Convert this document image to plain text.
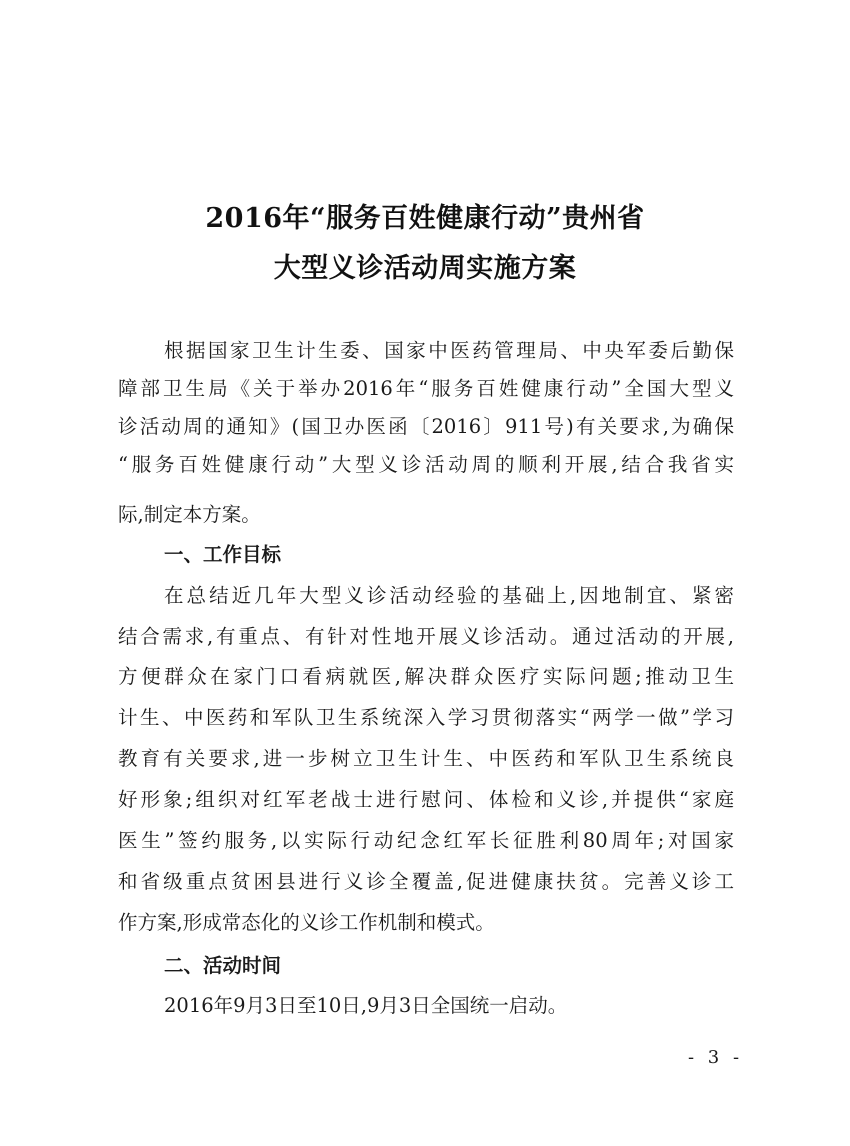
2016年“服务百姓健康行动”贵州省
大型义诊活动周实施方案
根据国家卫生计生委、国家中医药管理局、中央军委后勤保
障部卫生局《关于举办2016年“服务百姓健康行动”全国大型义
诊活动周的通知》(国卫办医函〔2016〕911号)有关要求,为确保
“服务百姓健康行动”大型义诊活动周的顺利开展,结合我省实
际,制定本方案。
一、工作目标
在总结近几年大型义诊活动经验的基础上,因地制宜、紧密
结合需求,有重点、有针对性地开展义诊活动。通过活动的开展,
方便群众在家门口看病就医,解决群众医疗实际问题;推动卫生
计生、中医药和军队卫生系统深入学习贯彻落实“两学一做”学习
教育有关要求,进一步树立卫生计生、中医药和军队卫生系统良
好形象;组织对红军老战士进行慰问、体检和义诊,并提供“家庭
医生”签约服务,以实际行动纪念红军长征胜利80周年;对国家
和省级重点贫困县进行义诊全覆盖,促进健康扶贫。完善义诊工
作方案,形成常态化的义诊工作机制和模式。
二、活动时间
2016年9月3日至10日,9月3日全国统一启动。
- 3 -
